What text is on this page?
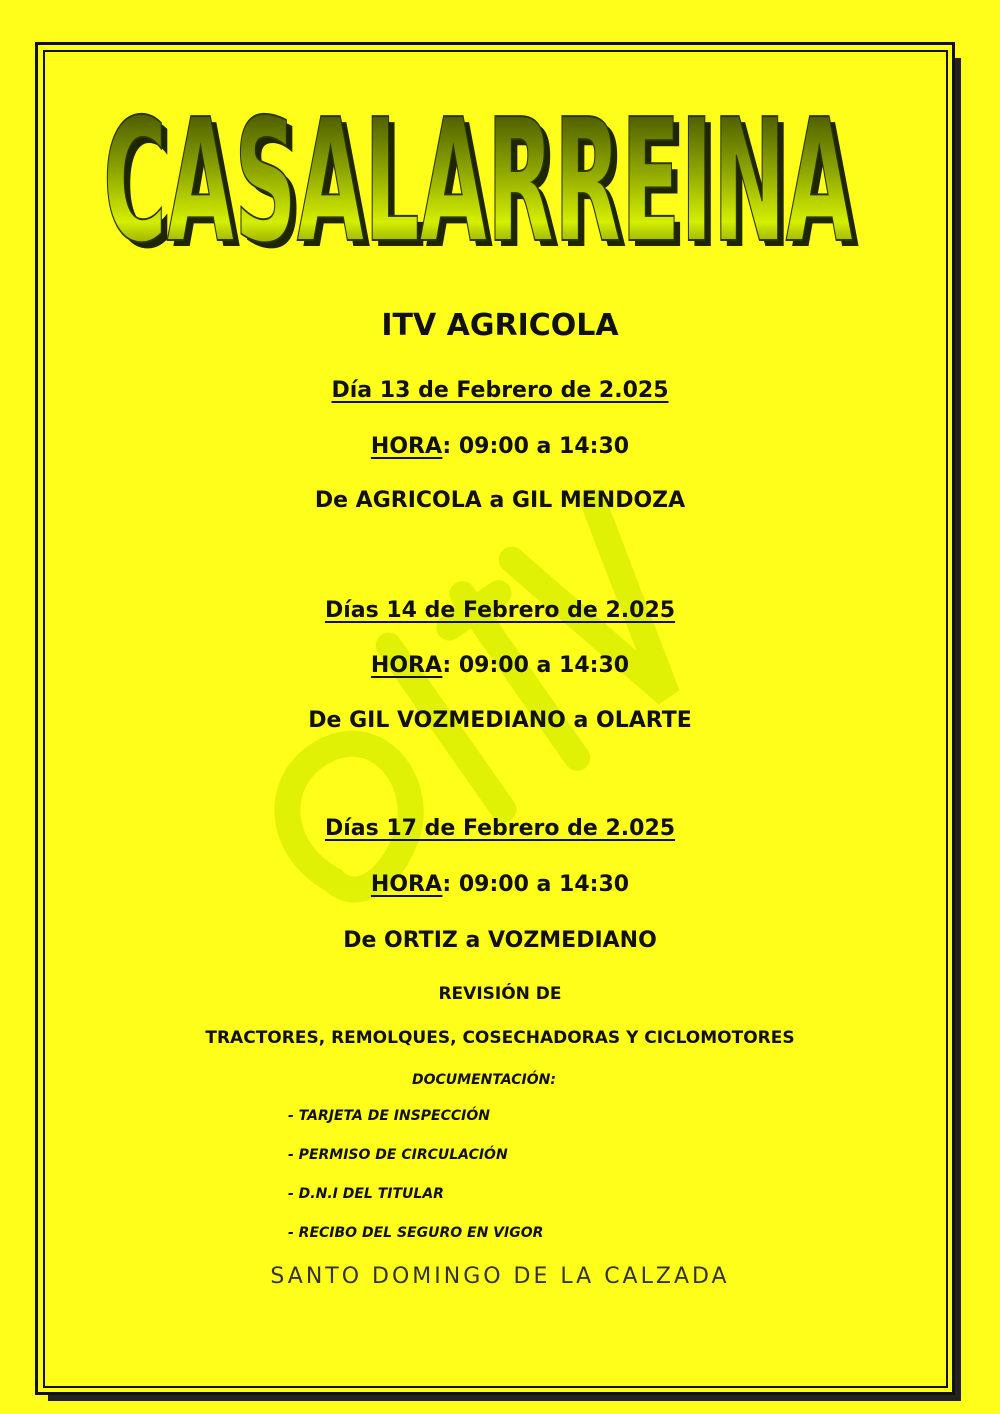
CASALARREINA
CASALARREINA
ITV AGRICOLA
Día 13 de Febrero de 2.025
HORA: 09:00 a 14:30
De AGRICOLA a GIL MENDOZA
Días 14 de Febrero de 2.025
HORA: 09:00 a 14:30
De GIL VOZMEDIANO a OLARTE
Días 17 de Febrero de 2.025
HORA: 09:00 a 14:30
De ORTIZ a VOZMEDIANO
REVISIÓN DE
TRACTORES, REMOLQUES, COSECHADORAS Y CICLOMOTORES
DOCUMENTACIÓN:
- TARJETA DE INSPECCIÓN
- PERMISO DE CIRCULACIÓN
- D.N.I DEL TITULAR
- RECIBO DEL SEGURO EN VIGOR
SANTO DOMINGO DE LA CALZADA
